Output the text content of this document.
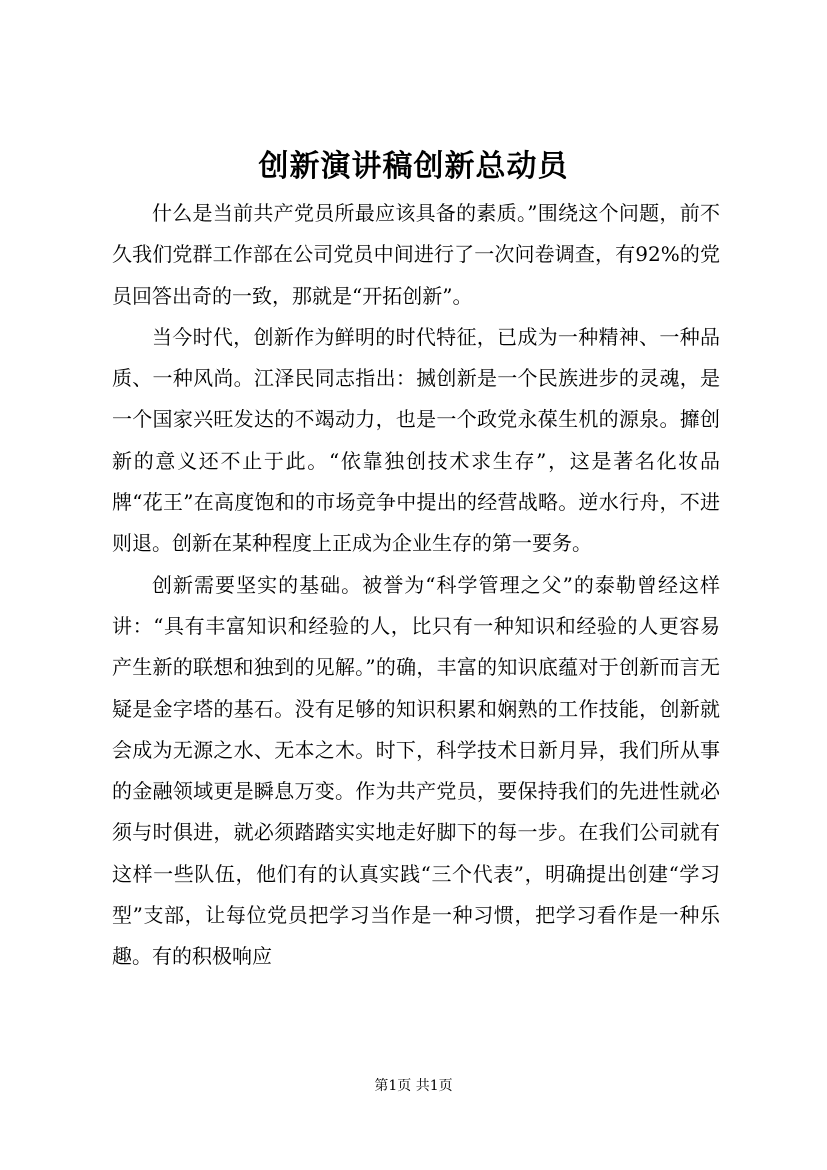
创新演讲稿创新总动员

什么是当前共产党员所最应该具备的素质。”围绕这个问题，前不久我们党群工作部在公司党员中间进行了一次问卷调查，有92%的党员回答出奇的一致，那就是“开拓创新”。

当今时代，创新作为鲜明的时代特征，已成为一种精神、一种品质、一种风尚。江泽民同志指出：搣创新是一个民族进步的灵魂，是一个国家兴旺发达的不竭动力，也是一个政党永葆生机的源泉。攠创新的意义还不止于此。“依靠独创技术求生存”，这是著名化妆品牌“花王”在高度饱和的市场竞争中提出的经营战略。逆水行舟，不进则退。创新在某种程度上正成为企业生存的第一要务。

创新需要坚实的基础。被誉为“科学管理之父”的泰勒曾经这样讲：“具有丰富知识和经验的人，比只有一种知识和经验的人更容易产生新的联想和独到的见解。”的确，丰富的知识底蕴对于创新而言无疑是金字塔的基石。没有足够的知识积累和娴熟的工作技能，创新就会成为无源之水、无本之木。时下，科学技术日新月异，我们所从事的金融领域更是瞬息万变。作为共产党员，要保持我们的先进性就必须与时俱进，就必须踏踏实实地走好脚下的每一步。在我们公司就有这样一些队伍，他们有的认真实践“三个代表”，明确提出创建“学习型”支部，让每位党员把学习当作是一种习惯，把学习看作是一种乐趣。有的积极响应

第1页 共1页
